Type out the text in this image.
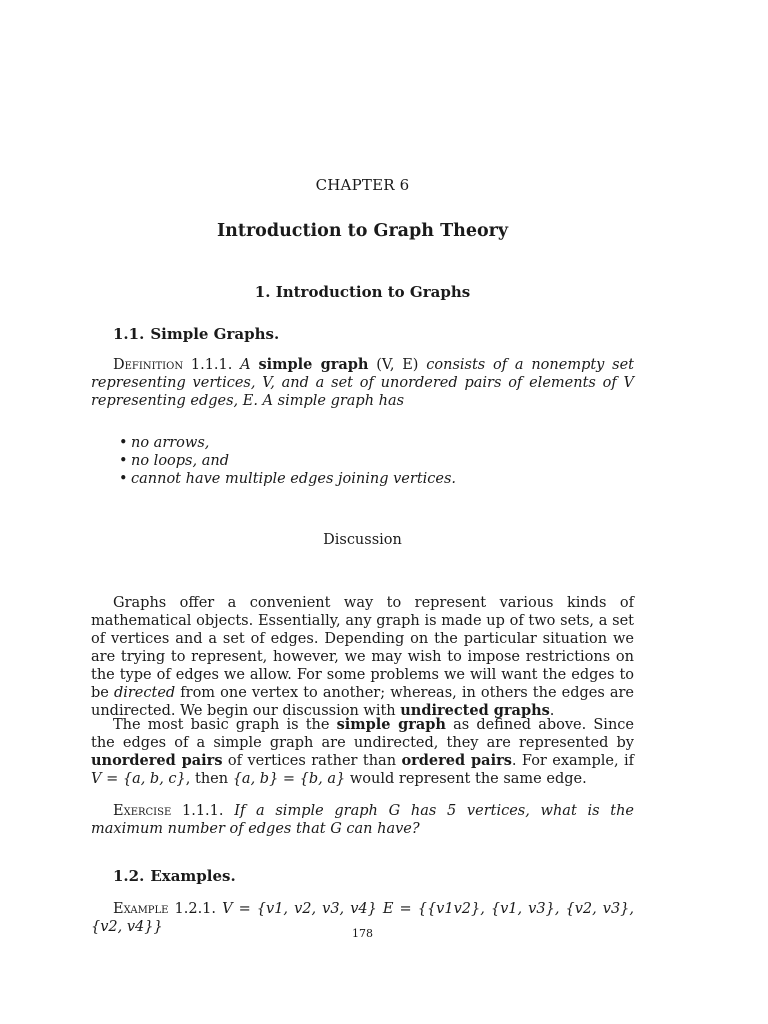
CHAPTER 6
Introduction to Graph Theory
1. Introduction to Graphs
1.1. Simple Graphs.

Definition 1.1.1. A simple graph (V, E) consists of a nonempty set representing vertices, V, and a set of unordered pairs of elements of V representing edges, E. A simple graph has

• no arrows,
• no loops, and
• cannot have multiple edges joining vertices.
Discussion

Graphs offer a convenient way to represent various kinds of mathematical objects. Essentially, any graph is made up of two sets, a set of vertices and a set of edges. Depending on the particular situation we are trying to represent, however, we may wish to impose restrictions on the type of edges we allow. For some problems we will want the edges to be directed from one vertex to another; whereas, in others the edges are undirected. We begin our discussion with undirected graphs.

The most basic graph is the simple graph as defined above. Since the edges of a simple graph are undirected, they are represented by unordered pairs of vertices rather than ordered pairs. For example, if V = {a, b, c}, then {a, b} = {b, a} would represent the same edge.

Exercise 1.1.1. If a simple graph G has 5 vertices, what is the maximum number of edges that G can have?

1.2. Examples.

Example 1.2.1. V = {v1, v2, v3, v4} E = {{v1v2}, {v1, v3}, {v2, v3}, {v2, v4}}	178
